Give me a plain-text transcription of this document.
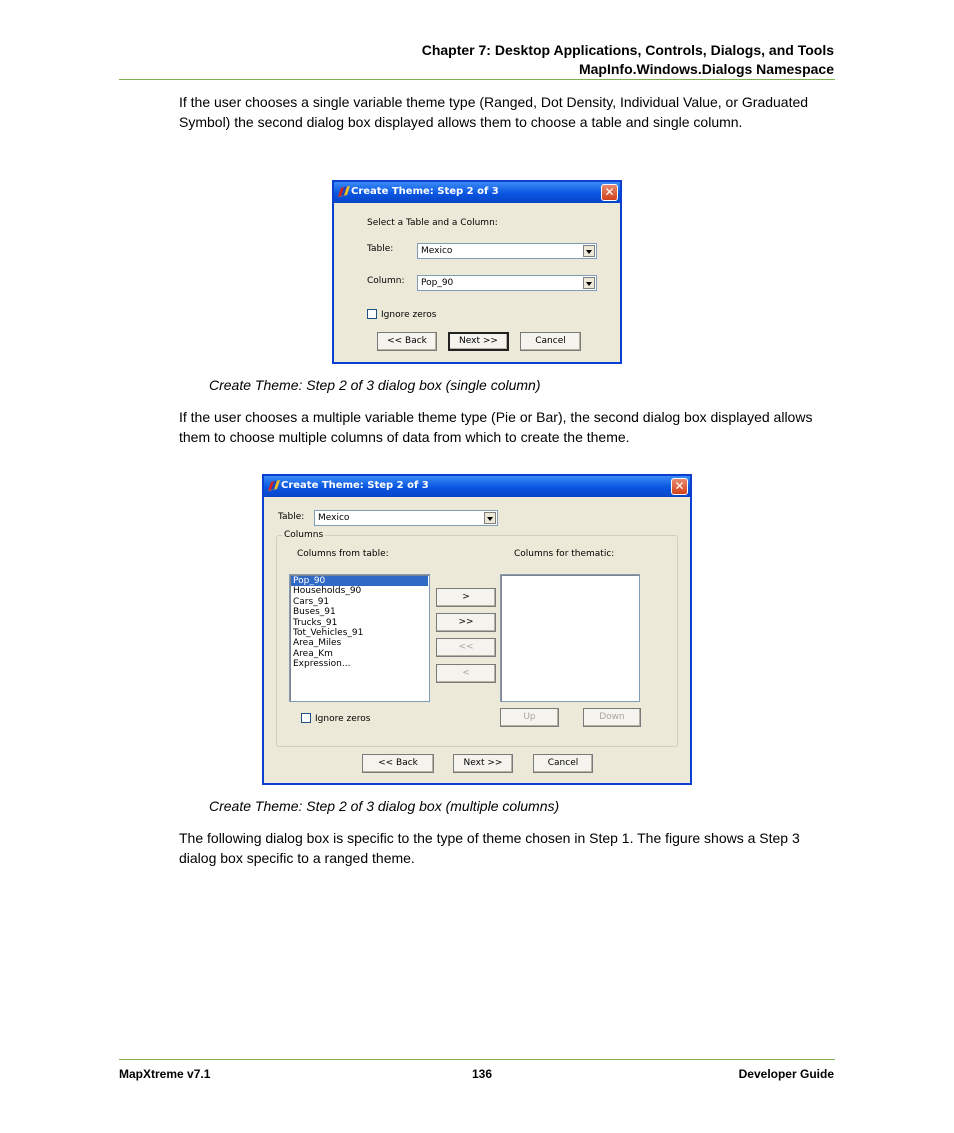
Chapter 7: Desktop Applications, Controls, Dialogs, and Tools
MapInfo.Windows.Dialogs Namespace

If the user chooses a single variable theme type (Ranged, Dot Density, Individual Value, or Graduated Symbol) the second dialog box displayed allows them to choose a table and single column.

Create Theme: Step 2 of 3	✕
Select a Table and a Column:
Table:	Mexico
Column: Pop_90
Ignore zeros
<< Back	Next >>	Cancel
Create Theme: Step 2 of 3 dialog box (single column)

If the user chooses a multiple variable theme type (Pie or Bar), the second dialog box displayed allows them to choose multiple columns of data from which to create the theme.

Create Theme: Step 2 of 3	✕
Table: Mexico
Columns
Columns from table:	Columns for thematic:
Pop_90
Households_90
Cars_91
Buses_91
Trucks_91
Tot_Vehicles_91
Area_Miles
Area_Km
Expression...
>
>>
<<
<
Ignore zeros	Up	Down
<< Back	Next >>	Cancel
Create Theme: Step 2 of 3 dialog box (multiple columns)

The following dialog box is specific to the type of theme chosen in Step 1. The figure shows a Step 3 dialog box specific to a ranged theme.

MapXtreme v7.1	136	Developer Guide
